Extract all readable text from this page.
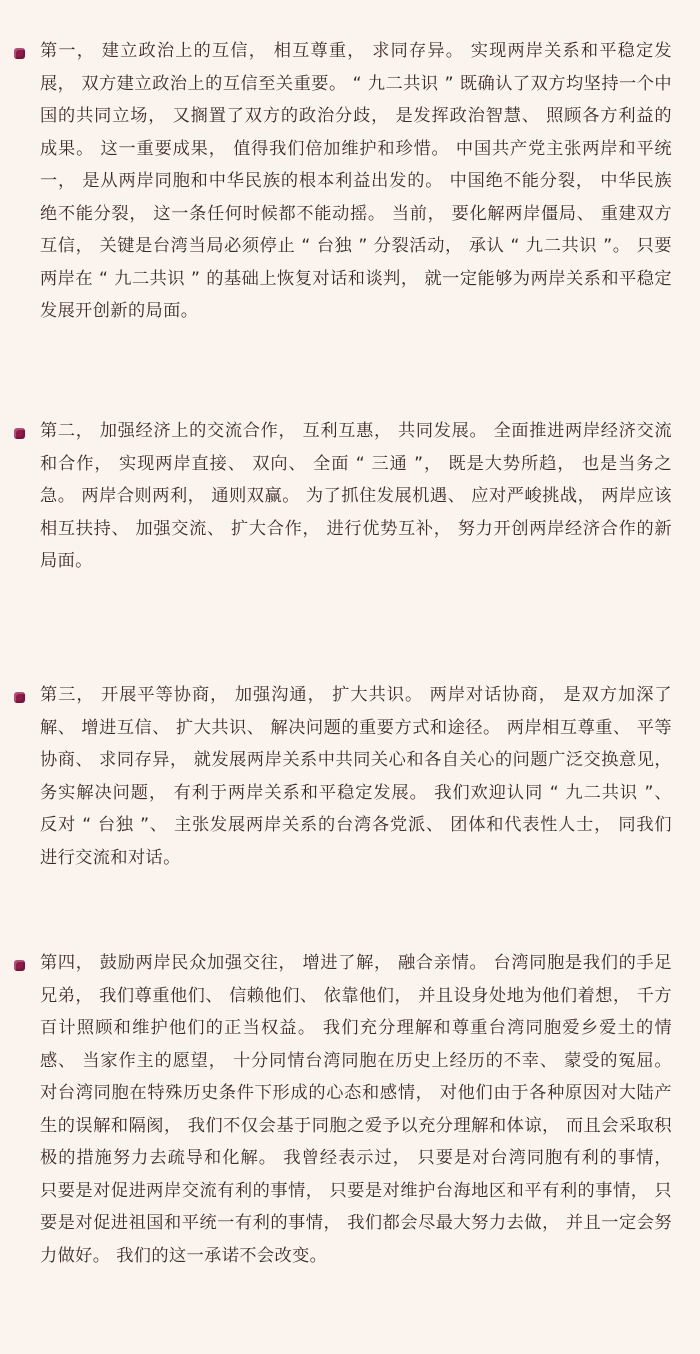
第一， 建立政治上的互信， 相互尊重， 求同存异。 实现两岸关系和平稳定发展， 双方建立政治上的互信至关重要。 “ 九二共识 ” 既确认了双方均坚持一个中国的共同立场， 又搁置了双方的政治分歧， 是发挥政治智慧、 照顾各方利益的成果。 这一重要成果， 值得我们倍加维护和珍惜。 中国共产党主张两岸和平统一， 是从两岸同胞和中华民族的根本利益出发的。 中国绝不能分裂， 中华民族绝不能分裂， 这一条任何时候都不能动摇。 当前， 要化解两岸僵局、 重建双方互信， 关键是台湾当局必须停止 “ 台独 ” 分裂活动， 承认 “ 九二共识 ”。 只要两岸在 “ 九二共识 ” 的基础上恢复对话和谈判， 就一定能够为两岸关系和平稳定发展开创新的局面。
第二， 加强经济上的交流合作， 互利互惠， 共同发展。 全面推进两岸经济交流和合作， 实现两岸直接、 双向、 全面 “ 三通 ”， 既是大势所趋， 也是当务之急。 两岸合则两利， 通则双赢。 为了抓住发展机遇、 应对严峻挑战， 两岸应该相互扶持、 加强交流、 扩大合作， 进行优势互补， 努力开创两岸经济合作的新局面。
第三， 开展平等协商， 加强沟通， 扩大共识。 两岸对话协商， 是双方加深了解、 增进互信、 扩大共识、 解决问题的重要方式和途径。 两岸相互尊重、 平等协商、 求同存异， 就发展两岸关系中共同关心和各自关心的问题广泛交换意见， 务实解决问题， 有利于两岸关系和平稳定发展。 我们欢迎认同 “ 九二共识 ”、 反对 “ 台独 ”、 主张发展两岸关系的台湾各党派、 团体和代表性人士， 同我们进行交流和对话。
第四， 鼓励两岸民众加强交往， 增进了解， 融合亲情。 台湾同胞是我们的手足兄弟， 我们尊重他们、 信赖他们、 依靠他们， 并且设身处地为他们着想， 千方百计照顾和维护他们的正当权益。 我们充分理解和尊重台湾同胞爱乡爱土的情感、 当家作主的愿望， 十分同情台湾同胞在历史上经历的不幸、 蒙受的冤屈。 对台湾同胞在特殊历史条件下形成的心态和感情， 对他们由于各种原因对大陆产生的误解和隔阂， 我们不仅会基于同胞之爱予以充分理解和体谅， 而且会采取积极的措施努力去疏导和化解。 我曾经表示过， 只要是对台湾同胞有利的事情， 只要是对促进两岸交流有利的事情， 只要是对维护台海地区和平有利的事情， 只要是对促进祖国和平统一有利的事情， 我们都会尽最大努力去做， 并且一定会努力做好。 我们的这一承诺不会改变。
